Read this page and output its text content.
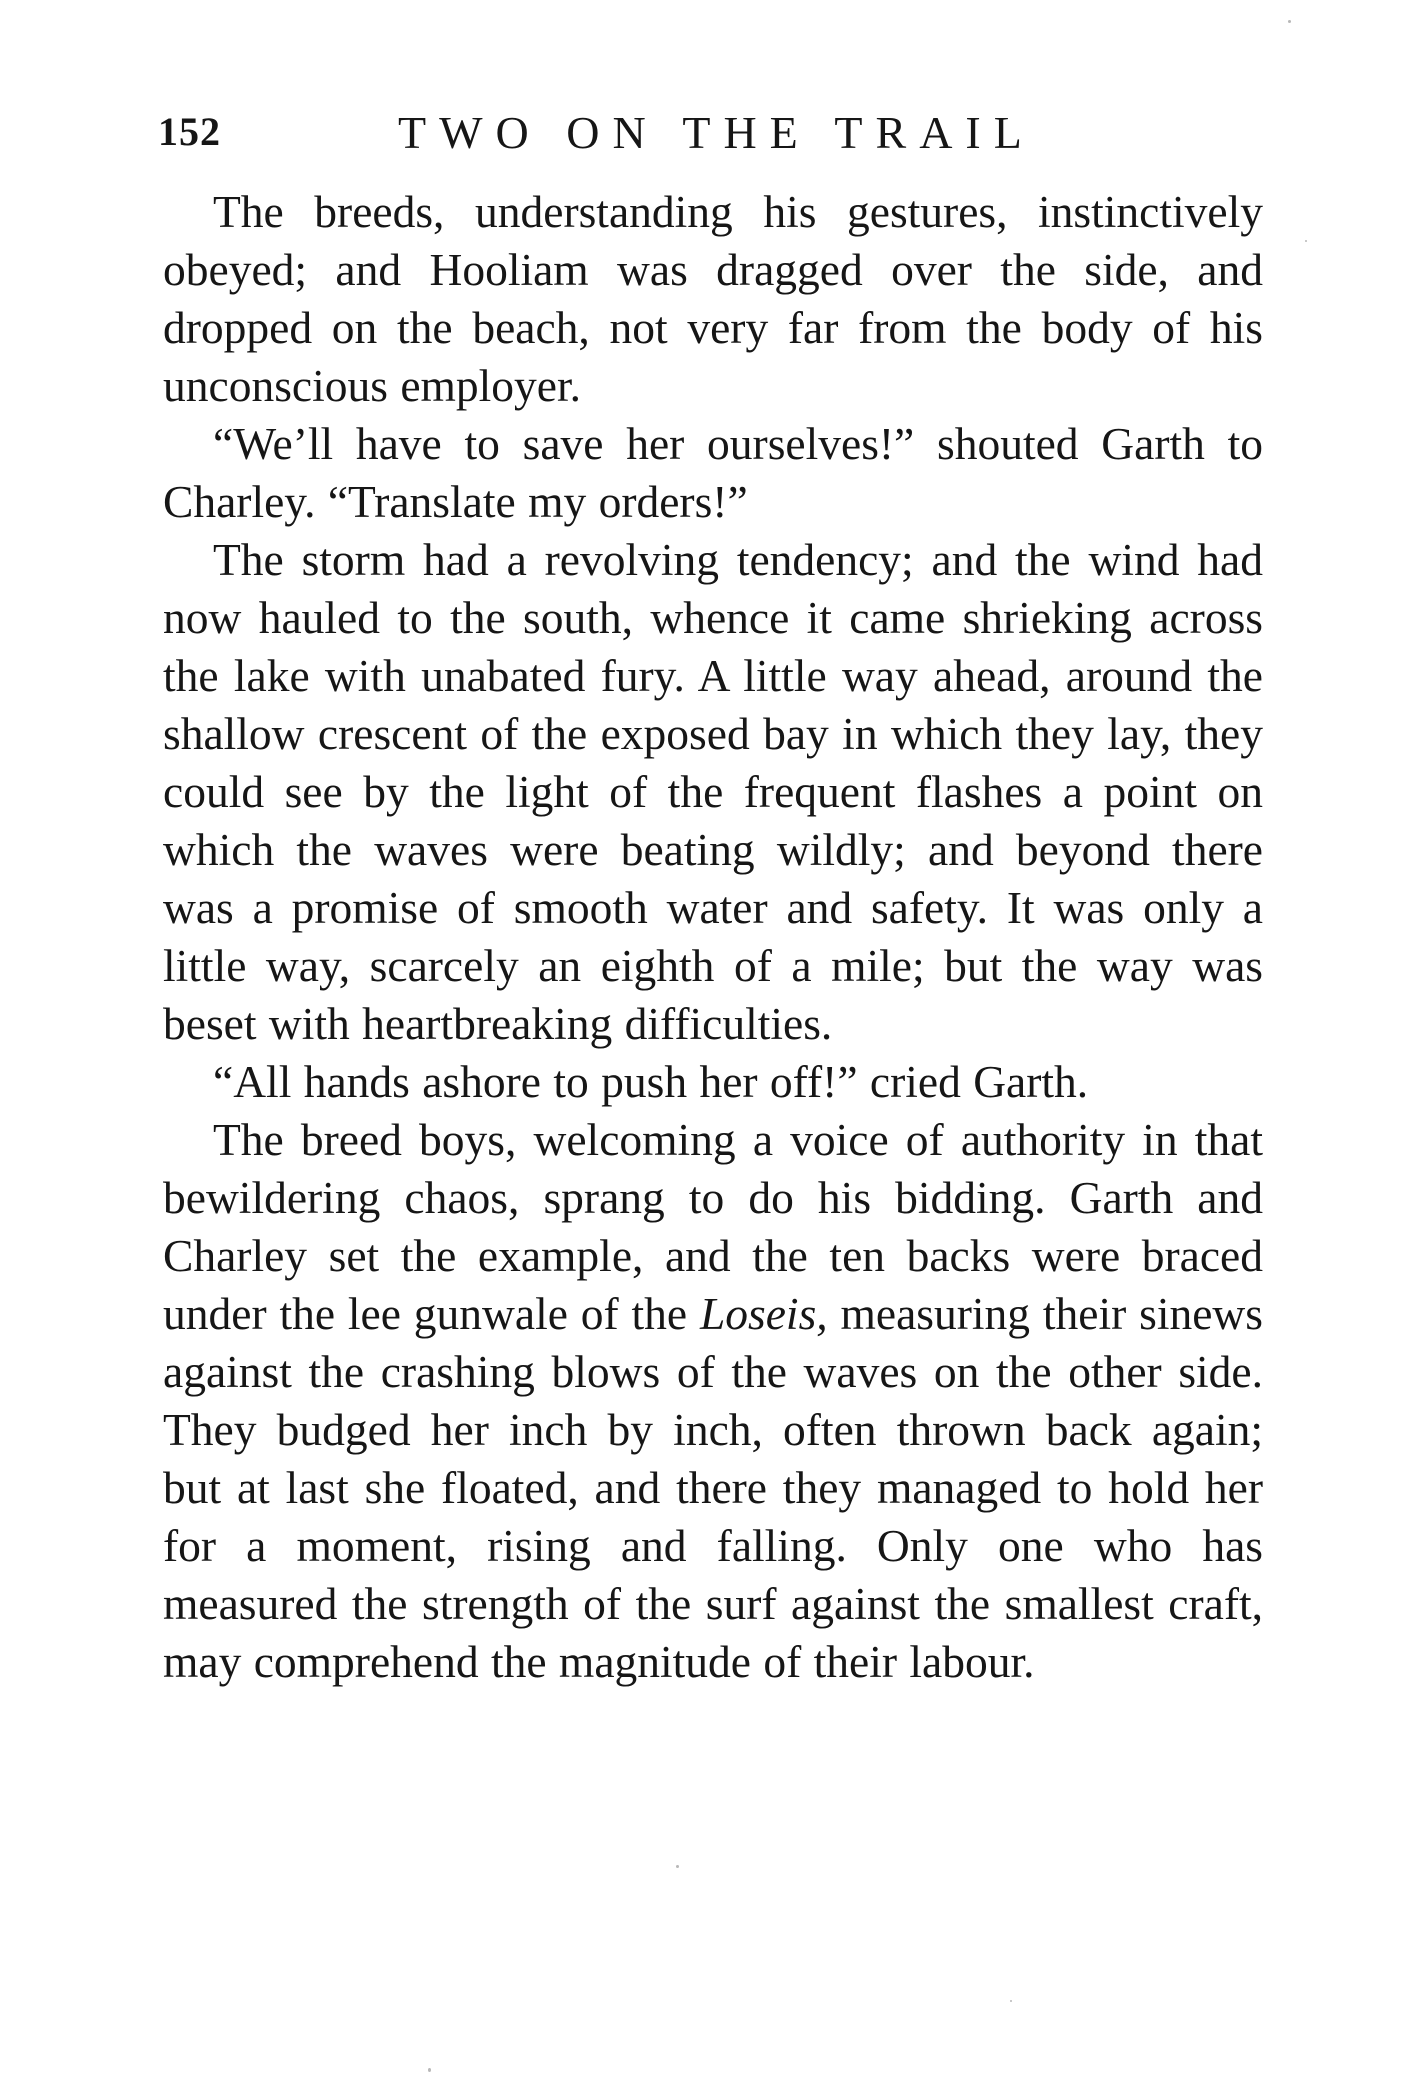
152	TWO ON THE TRAIL

The breeds, understanding his gestures, instinctively obeyed; and Hooliam was dragged over the side, and dropped on the beach, not very far from the body of his unconscious employer.

“We’ll have to save her ourselves!” shouted Garth to Charley. “Translate my orders!”

The storm had a revolving tendency; and the wind had now hauled to the south, whence it came shrieking across the lake with unabated fury. A little way ahead, around the shallow crescent of the exposed bay in which they lay, they could see by the light of the frequent flashes a point on which the waves were beating wildly; and beyond there was a promise of smooth water and safety. It was only a little way, scarcely an eighth of a mile; but the way was beset with heartbreaking difficulties.

“All hands ashore to push her off!” cried Garth.

The breed boys, welcoming a voice of authority in that bewildering chaos, sprang to do his bidding. Garth and Charley set the example, and the ten backs were braced under the lee gunwale of the Loseis, measuring their sinews against the crashing blows of the waves on the other side. They budged her inch by inch, often thrown back again; but at last she floated, and there they managed to hold her for a moment, rising and falling. Only one who has measured the strength of the surf against the smallest craft, may comprehend the magnitude of their labour.
